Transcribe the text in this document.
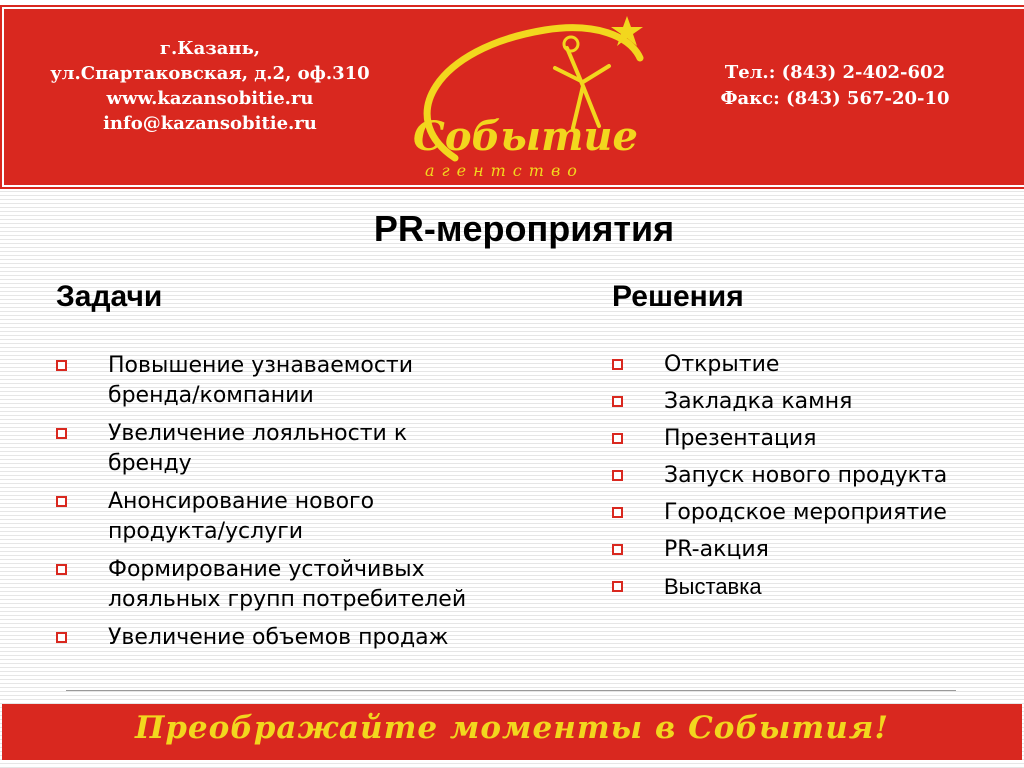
г.Казань,
ул.Спартаковская, д.2, оф.310
www.kazansobitie.ru
info@kazansobitie.ru	Событие
агентство
Тел.: (843) 2-402-602
Факс: (843) 567-20-10
PR-мероприятия
Задачи	Решения
Повышение узнаваемости
бренда/компании
Увеличение лояльности к
бренду
Анонсирование нового
продукта/услуги
Формирование устойчивых
лояльных групп потребителей
Увеличение объемов продаж
Открытие
Закладка камня
Презентация
Запуск нового продукта
Городское мероприятие
PR-акция
Выставка
Преображайте моменты в События!
